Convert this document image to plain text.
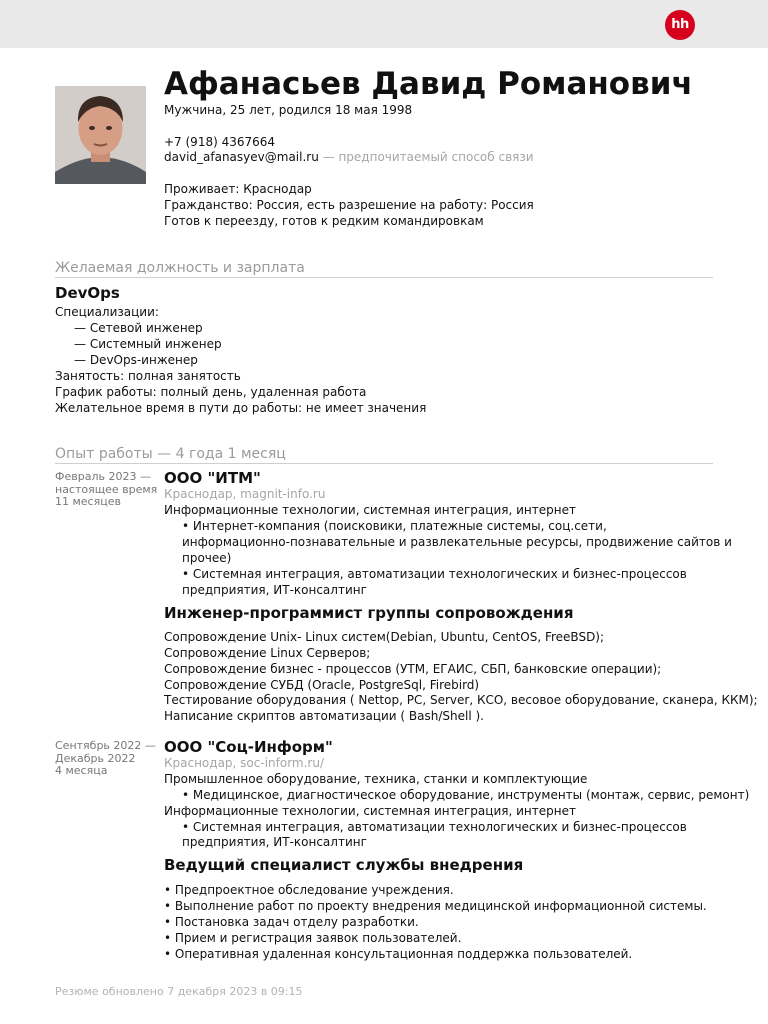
hh
Афанасьев Давид Романович

Мужчина, 25 лет, родился 18 мая 1998

+7 (918) 4367664

david_afanasyev@mail.ru — предпочитаемый способ связи

Проживает: Краснодар

Гражданство: Россия, есть разрешение на работу: Россия

Готов к переезду, готов к редким командировкам

Желаемая должность и зарплата
DevOps

Специализации:

— Сетевой инженер

— Системный инженер

— DevOps-инженер

Занятость: полная занятость

График работы: полный день, удаленная работа

Желательное время в пути до работы: не имеет значения

Опыт работы — 4 года 1 месяц
Февраль 2023 —
настоящее время
11 месяцев
ООО "ИТМ"

Краснодар, magnit-info.ru

Информационные технологии, системная интеграция, интернет

• Интернет-компания (поисковики, платежные системы, соц.сети,

информационно-познавательные и развлекательные ресурсы, продвижение сайтов и

прочее)

• Системная интеграция, автоматизации технологических и бизнес-процессов

предприятия, ИТ-консалтинг

Инженер-программист группы сопровождения

Сопровождение Unix- Linux систем(Debian, Ubuntu, CentOS, FreeBSD);

Сопровождение Linux Серверов;

Сопровождение бизнес - процессов (УТМ, ЕГАИС, СБП, банковские операции);

Сопровождение СУБД (Oracle, PostgreSql, Firebird)

Тестирование оборудования ( Nettop, PC, Server, КСО, весовое оборудование, сканера, ККМ);

Написание скриптов автоматизации ( Bash/Shell ).

Сентябрь 2022 —
Декабрь 2022
4 месяца
ООО "Соц-Информ"

Краснодар, soc-inform.ru/

Промышленное оборудование, техника, станки и комплектующие

• Медицинское, диагностическое оборудование, инструменты (монтаж, сервис, ремонт)

Информационные технологии, системная интеграция, интернет

• Системная интеграция, автоматизации технологических и бизнес-процессов

предприятия, ИТ-консалтинг

Ведущий специалист службы внедрения

• Предпроектное обследование учреждения.

• Выполнение работ по проекту внедрения медицинской информационной системы.

• Постановка задач отделу разработки.

• Прием и регистрация заявок пользователей.

• Оперативная удаленная консультационная поддержка пользователей.

Резюме обновлено 7 декабря 2023 в 09:15
